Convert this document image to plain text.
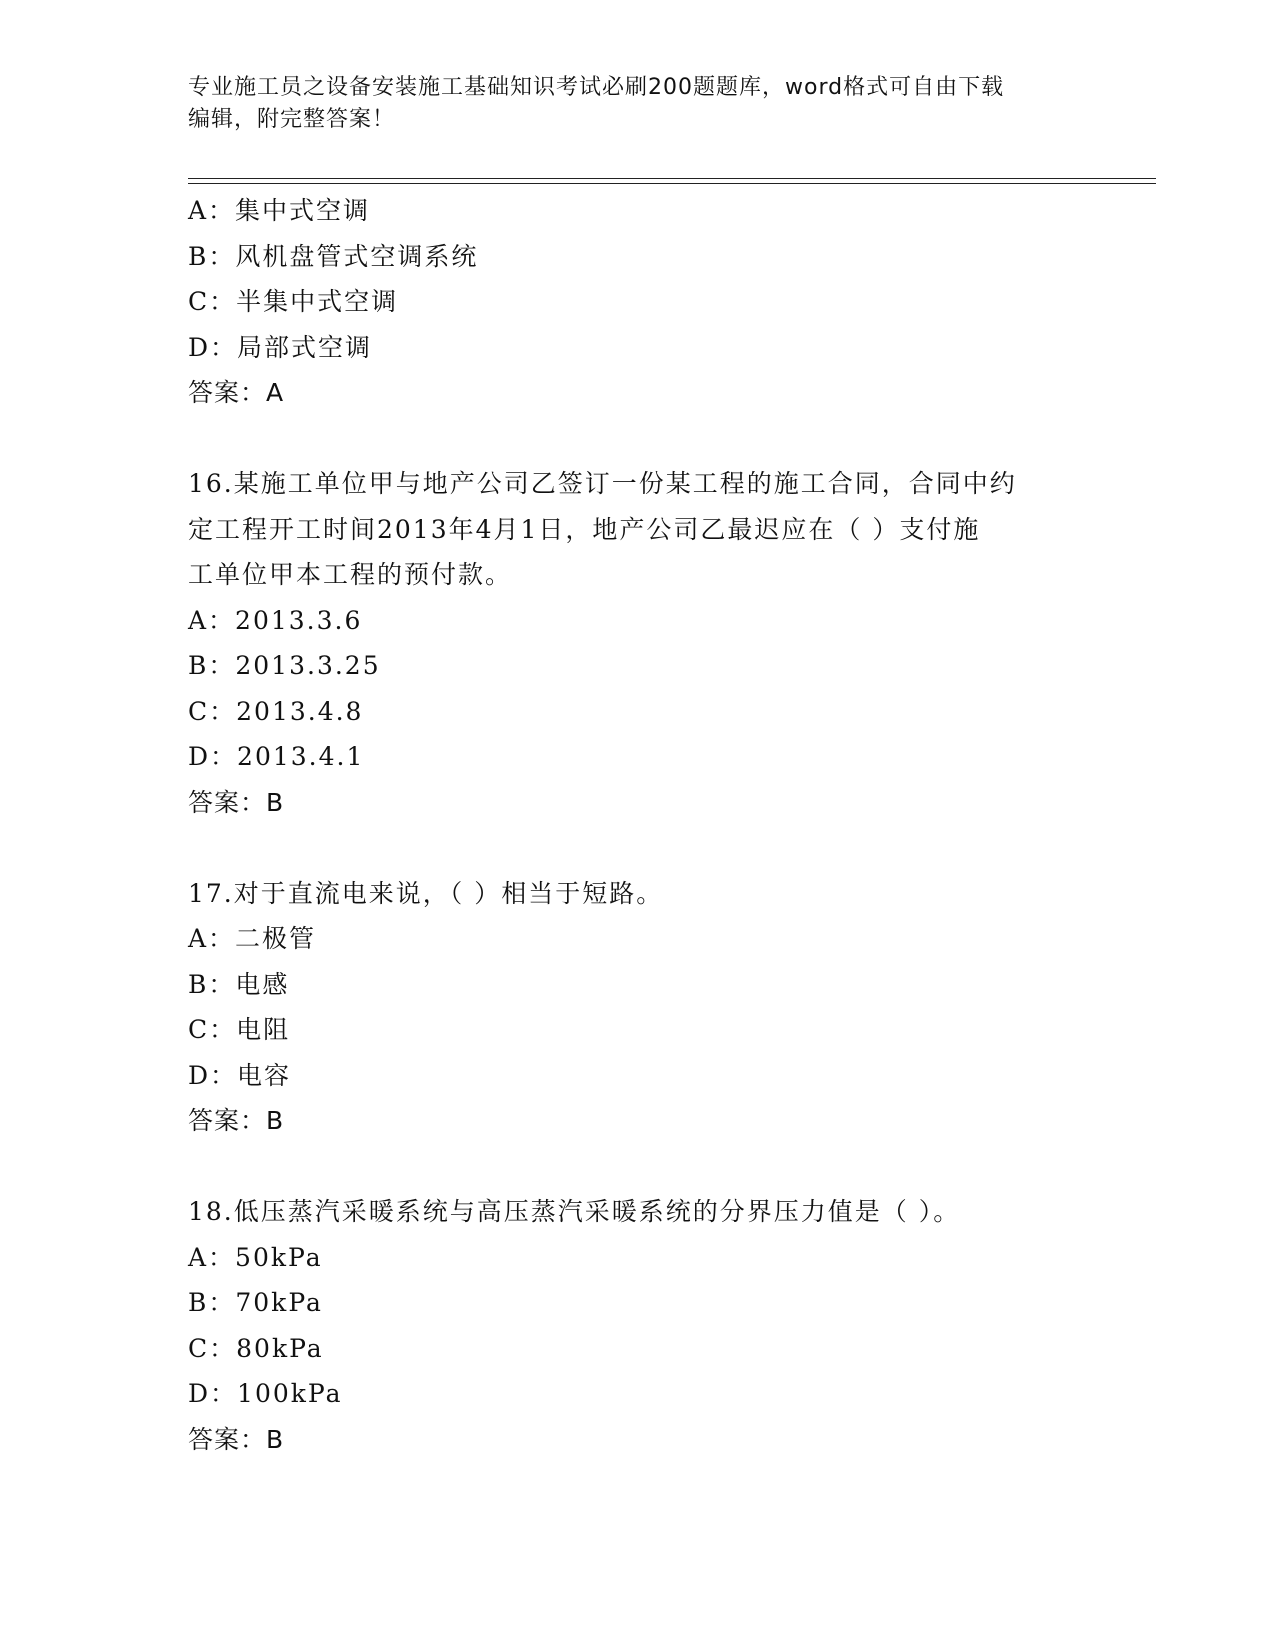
专业施工员之设备安装施工基础知识考试必刷200题题库，word格式可自由下载
编辑，附完整答案！
A：集中式空调
B：风机盘管式空调系统
C：半集中式空调
D：局部式空调
答案：A
16.某施工单位甲与地产公司乙签订一份某工程的施工合同，合同中约
定工程开工时间2013年4月1日，地产公司乙最迟应在（ ）支付施
工单位甲本工程的预付款。
A：2013.3.6
B：2013.3.25
C：2013.4.8
D：2013.4.1
答案：B
17.对于直流电来说，（ ）相当于短路。
A：二极管
B：电感
C：电阻
D：电容
答案：B
18.低压蒸汽采暖系统与高压蒸汽采暖系统的分界压力值是（ ）。
A：50kPa
B：70kPa
C：80kPa
D：100kPa
答案：B
